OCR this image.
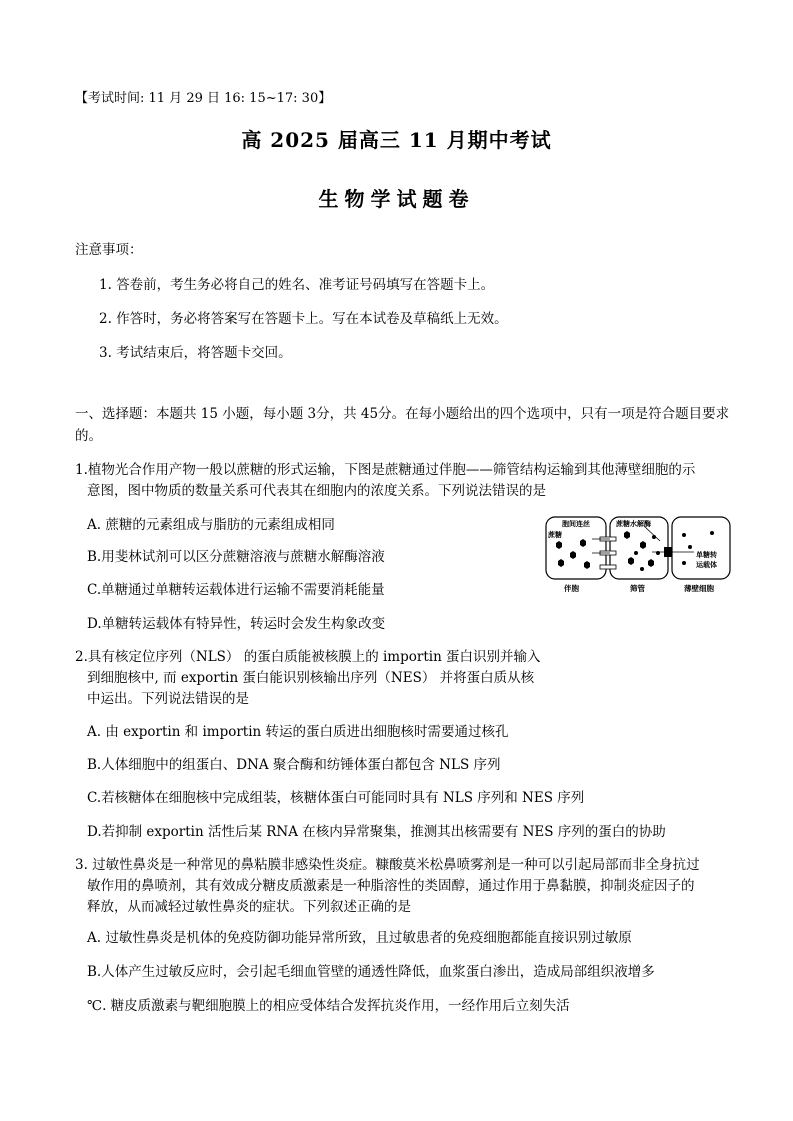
【考试时间: 11 月 29 日 16: 15~17: 30】
高 2025 届高三 11 月期中考试
生物学试题卷
注意事项：
1. 答卷前，考生务必将自己的姓名、准考证号码填写在答题卡上。
2. 作答时，务必将答案写在答题卡上。写在本试卷及草稿纸上无效。
3. 考试结束后，将答题卡交回。
一、选择题：本题共 15 小题，每小题 3分，共 45分。在每小题给出的四个选项中，只有一项是符合题目要求的。
1.植物光合作用产物一般以蔗糖的形式运输，下图是蔗糖通过伴胞——筛管结构运输到其他薄壁细胞的示
意图，图中物质的数量关系可代表其在细胞内的浓度关系。下列说法错误的是
A. 蔗糖的元素组成与脂肪的元素组成相同
B.用斐林试剂可以区分蔗糖溶液与蔗糖水解酶溶液
C.单糖通过单糖转运载体进行运输不需要消耗能量
D.单糖转运载体有特异性，转运时会发生构象改变
胞间连丝
蔗糖
蔗糖水解酶
单糖转
运载体
伴胞	筛管	薄壁细胞
2.具有核定位序列（NLS） 的蛋白质能被核膜上的 importin 蛋白识别并输入
到细胞核中, 而 exportin 蛋白能识别核输出序列（NES） 并将蛋白质从核
中运出。下列说法错误的是
A. 由 exportin 和 importin 转运的蛋白质进出细胞核时需要通过核孔
B.人体细胞中的组蛋白、DNA 聚合酶和纺锤体蛋白都包含 NLS 序列
C.若核糖体在细胞核中完成组装，核糖体蛋白可能同时具有 NLS 序列和 NES 序列
D.若抑制 exportin 活性后某 RNA 在核内异常聚集，推测其出核需要有 NES 序列的蛋白的协助
3. 过敏性鼻炎是一种常见的鼻粘膜非感染性炎症。糠酸莫米松鼻喷雾剂是一种可以引起局部而非全身抗过
敏作用的鼻喷剂，其有效成分糖皮质激素是一种脂溶性的类固醇，通过作用于鼻黏膜，抑制炎症因子的
释放，从而减轻过敏性鼻炎的症状。下列叙述正确的是
A. 过敏性鼻炎是机体的免疫防御功能异常所致，且过敏患者的免疫细胞都能直接识别过敏原
B.人体产生过敏反应时，会引起毛细血管壁的通透性降低，血浆蛋白渗出，造成局部组织液增多
℃. 糖皮质激素与靶细胞膜上的相应受体结合发挥抗炎作用，一经作用后立刻失活
